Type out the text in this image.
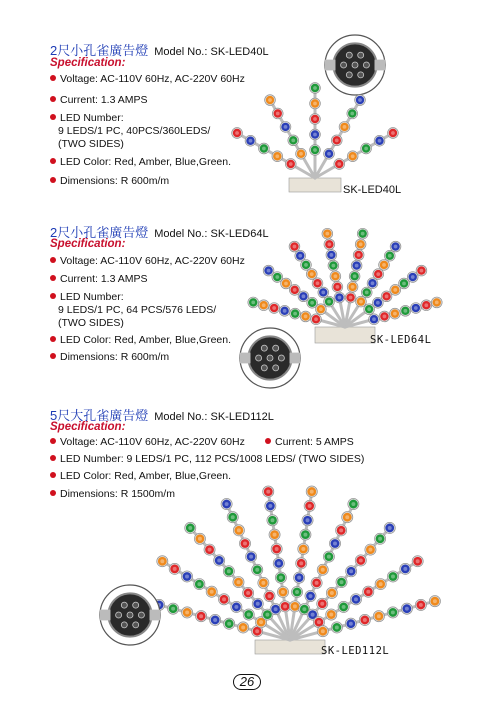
2尺小孔雀廣告燈 Model No.: SK-LED40L
Specification:
Voltage: AC-110V 60Hz, AC-220V 60Hz
Current: 1.3 AMPS
LED Number:
9 LEDS/1 PC, 40PCS/360LEDS/
(TWO SIDES)
LED Color: Red, Amber, Blue,Green.
Dimensions: R 600m/m
SK-LED40L
2尺小孔雀廣告燈 Model No.: SK-LED64L
Specification:
Voltage: AC-110V 60Hz, AC-220V 60Hz
Current: 1.3 AMPS
LED Number:
9 LEDS/1 PC, 64 PCS/576 LEDS/
(TWO SIDES)
LED Color: Red, Amber, Blue,Green.
Dimensions: R 600m/m
SK-LED64L
5尺大孔雀廣告燈 Model No.: SK-LED112L
Specification:
Voltage: AC-110V 60Hz, AC-220V 60Hz	Current: 5 AMPS
LED Number: 9 LEDS/1 PC, 112 PCS/1008 LEDS/ (TWO SIDES)
LED Color: Red, Amber, Blue,Green.
Dimensions: R 1500m/m
SK-LED112L
26
